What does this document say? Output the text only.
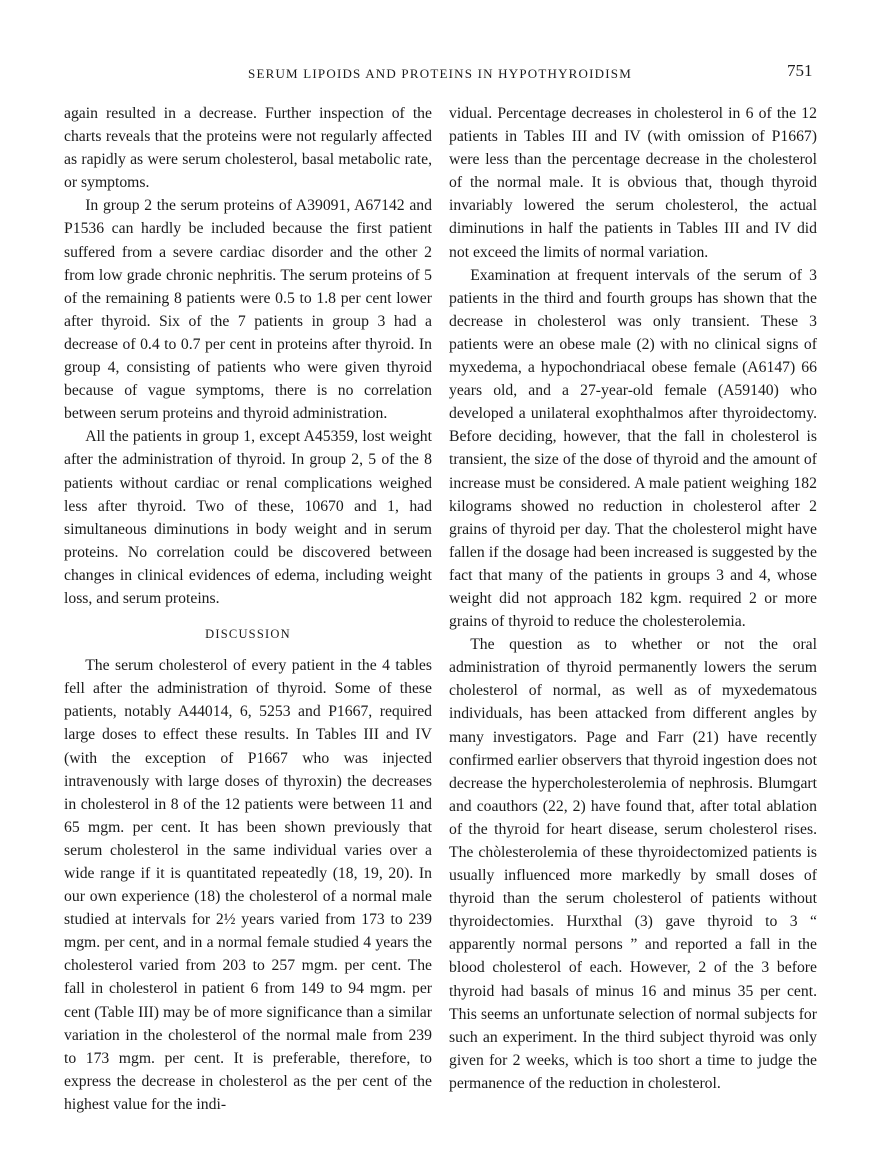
SERUM LIPOIDS AND PROTEINS IN HYPOTHYROIDISM	751

again resulted in a decrease. Further inspection of the charts reveals that the proteins were not regularly affected as rapidly as were serum cholesterol, basal metabolic rate, or symptoms.

In group 2 the serum proteins of A39091, A67142 and P1536 can hardly be included because the first patient suffered from a severe cardiac disorder and the other 2 from low grade chronic nephritis. The serum proteins of 5 of the remaining 8 patients were 0.5 to 1.8 per cent lower after thyroid. Six of the 7 patients in group 3 had a decrease of 0.4 to 0.7 per cent in proteins after thyroid. In group 4, consisting of patients who were given thyroid because of vague symptoms, there is no correlation between serum proteins and thyroid administration.

All the patients in group 1, except A45359, lost weight after the administration of thyroid. In group 2, 5 of the 8 patients without cardiac or renal complications weighed less after thyroid. Two of these, 10670 and 1, had simultaneous diminutions in body weight and in serum proteins. No correlation could be discovered between changes in clinical evidences of edema, including weight loss, and serum proteins.

DISCUSSION

The serum cholesterol of every patient in the 4 tables fell after the administration of thyroid. Some of these patients, notably A44014, 6, 5253 and P1667, required large doses to effect these results. In Tables III and IV (with the exception of P1667 who was injected intravenously with large doses of thyroxin) the decreases in cholesterol in 8 of the 12 patients were between 11 and 65 mgm. per cent. It has been shown previously that serum cholesterol in the same individual varies over a wide range if it is quantitated repeatedly (18, 19, 20). In our own experience (18) the cholesterol of a normal male studied at intervals for 2½ years varied from 173 to 239 mgm. per cent, and in a normal female studied 4 years the cholesterol varied from 203 to 257 mgm. per cent. The fall in cholesterol in patient 6 from 149 to 94 mgm. per cent (Table III) may be of more significance than a similar variation in the cholesterol of the normal male from 239 to 173 mgm. per cent. It is preferable, therefore, to express the decrease in cholesterol as the per cent of the highest value for the indi-

vidual. Percentage decreases in cholesterol in 6 of the 12 patients in Tables III and IV (with omission of P1667) were less than the percentage decrease in the cholesterol of the normal male. It is obvious that, though thyroid invariably lowered the serum cholesterol, the actual diminutions in half the patients in Tables III and IV did not exceed the limits of normal variation.

Examination at frequent intervals of the serum of 3 patients in the third and fourth groups has shown that the decrease in cholesterol was only transient. These 3 patients were an obese male (2) with no clinical signs of myxedema, a hypochondriacal obese female (A6147) 66 years old, and a 27-year-old female (A59140) who developed a unilateral exophthalmos after thyroidectomy. Before deciding, however, that the fall in cholesterol is transient, the size of the dose of thyroid and the amount of increase must be considered. A male patient weighing 182 kilograms showed no reduction in cholesterol after 2 grains of thyroid per day. That the cholesterol might have fallen if the dosage had been increased is suggested by the fact that many of the patients in groups 3 and 4, whose weight did not approach 182 kgm. required 2 or more grains of thyroid to reduce the cholesterolemia.

The question as to whether or not the oral administration of thyroid permanently lowers the serum cholesterol of normal, as well as of myxedematous individuals, has been attacked from different angles by many investigators. Page and Farr (21) have recently confirmed earlier observers that thyroid ingestion does not decrease the hypercholesterolemia of nephrosis. Blumgart and coauthors (22, 2) have found that, after total ablation of the thyroid for heart disease, serum cholesterol rises. The chòlesterolemia of these thyroidectomized patients is usually influenced more markedly by small doses of thyroid than the serum cholesterol of patients without thyroidectomies. Hurxthal (3) gave thyroid to 3 “ apparently normal persons ” and reported a fall in the blood cholesterol of each. However, 2 of the 3 before thyroid had basals of minus 16 and minus 35 per cent. This seems an unfortunate selection of normal subjects for such an experiment. In the third subject thyroid was only given for 2 weeks, which is too short a time to judge the permanence of the reduction in cholesterol.
